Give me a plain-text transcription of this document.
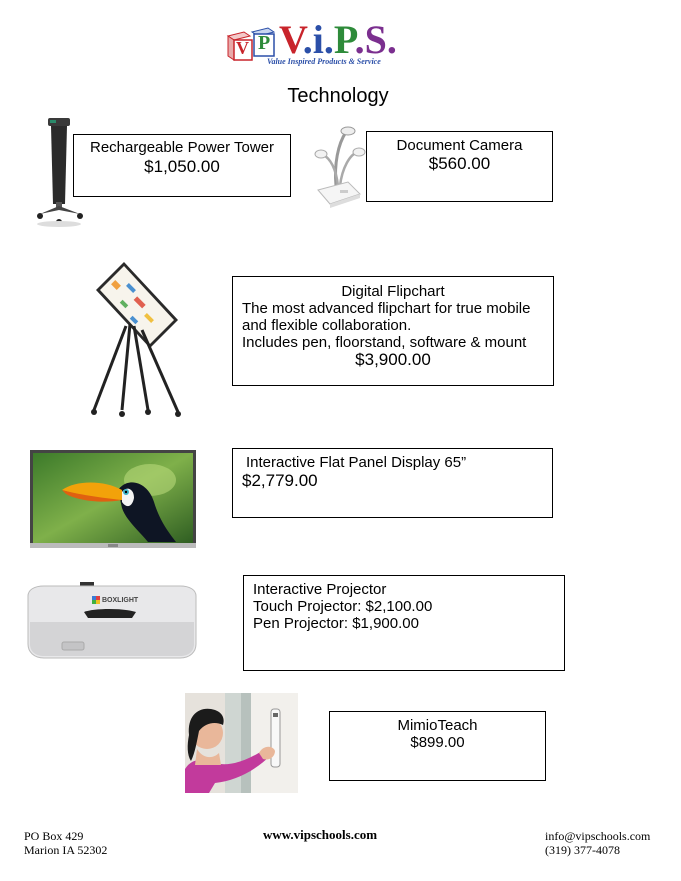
V P V.i.P.S.
Value Inspired Products & Service
Technology
Rechargeable Power Tower
$1,050.00
Document Camera
$560.00
Digital Flipchart
The most advanced flipchart for true mobile
and flexible collaboration.
Includes pen, floorstand, software & mount
$3,900.00
Interactive Flat Panel Display 65”
$2,779.00
BOXLIGHT
Interactive Projector
Touch Projector: $2,100.00
Pen Projector: $1,900.00
MimioTeach
$899.00
PO Box 429
Marion IA 52302
www.vipschools.com	info@vipschools.com
(319) 377-4078
